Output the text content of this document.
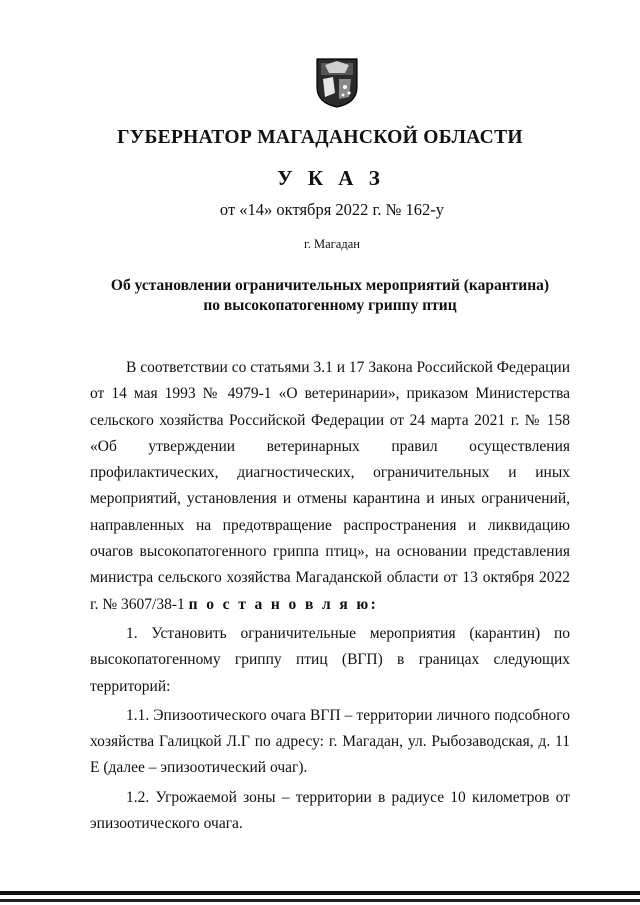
ГУБЕРНАТОР МАГАДАНСКОЙ ОБЛАСТИ
У К А З
от «14» октября 2022 г. № 162-у
г. Магадан
Об установлении ограничительных мероприятий (карантина)
по высокопатогенному гриппу птиц

В соответствии со статьями 3.1 и 17 Закона Российской Федерации от 14 мая 1993 № 4979-1 «О ветеринарии», приказом Министерства сельского хозяйства Российской Федерации от 24 марта 2021 г. № 158 «Об утверждении ветеринарных правил осуществления профилактических, диагностических, ограничительных и иных мероприятий, установления и отмены карантина и иных ограничений, направленных на предотвращение распространения и ликвидацию очагов высокопатогенного гриппа птиц», на основании представления министра сельского хозяйства Магаданской области от 13 октября 2022 г. № 3607/38-1 п о с т а н о в л я ю:

1. Установить ограничительные мероприятия (карантин) по высокопатогенному гриппу птиц (ВГП) в границах следующих территорий:

1.1. Эпизоотического очага ВГП – территории личного подсобного хозяйства Галицкой Л.Г по адресу: г. Магадан, ул. Рыбозаводская, д. 11 Е (далее – эпизоотический очаг).

1.2. Угрожаемой зоны – территории в радиусе 10 километров от эпизоотического очага.
